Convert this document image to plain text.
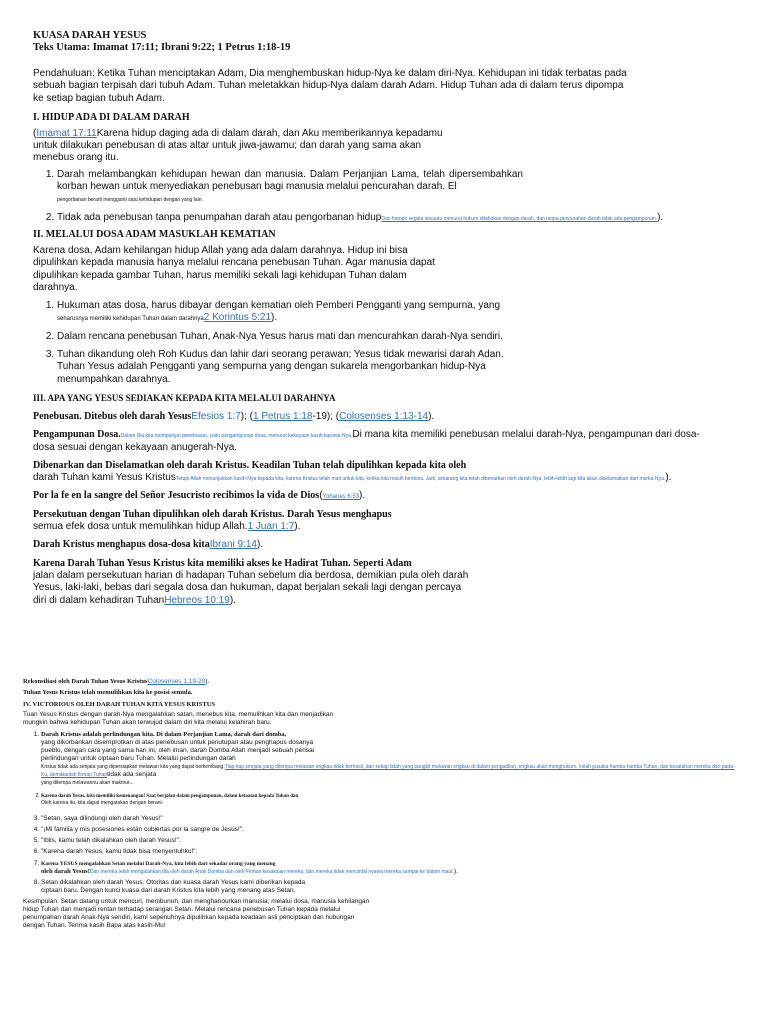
KUASA DARAH YESUS
Teks Utama: Imamat 17:11; Ibrani 9:22; 1 Petrus 1:18-19

Pendahuluan: Ketika Tuhan menciptakan Adam, Dia menghembuskan hidup-Nya ke dalam diri-Nya. Kehidupan ini tidak terbatas pada sebuah bagian terpisah dari tubuh Adam. Tuhan meletakkan hidup-Nya dalam darah Adam. Hidup Tuhan ada di dalam terus dipompa ke setiap bagian tubuh Adam.

I. HIDUP ADA DI DALAM DARAH

(Imamat 17:11Karena hidup daging ada di dalam darah, dan Aku memberikannya kepadamu untuk dilakukan penebusan di atas altar untuk jiwa-jawamu; dan darah yang sama akan menebus orang itu.

1. Darah melambangkan kehidupan hewan dan manusia. Dalam Perjanjian Lama, telah dipersembahkan korban hewan untuk menyediakan penebusan bagi manusia melalui pencurahan darah. El
pengorbanan berarti mengganti satu kehidupan dengan yang lain.
2. Tidak ada penebusan tanpa penumpahan darah atau pengorbanan hidupDan hampir segala sesuatu menurut hukum ditahirkan dengan darah, dan tanpa pencurahan darah tidak ada pengampunan.).

II. MELALUI DOSA ADAM MASUKLAH KEMATIAN

Karena dosa, Adam kehilangan hidup Allah yang ada dalam darahnya. Hidup ini bisa dipulihkan kepada manusia hanya melalui rencana penebusan Tuhan. Agar manusia dapat dipulihkan kepada gambar Tuhan, harus memiliki sekali lagi kehidupan Tuhan dalam darahnya.

1. Hukuman atas dosa, harus dibayar dengan kematian oleh Pemberi Pengganti yang sempurna, yang
seharusnya memiliki kehidupan Tuhan dalam darahnya2 Korintus 5:21).
2. Dalam rencana penebusan Tuhan, Anak-Nya Yesus harus mati dan mencurahkan darah-Nya sendiri.
3. Tuhan dikandung oleh Roh Kudus dan lahir dari seorang perawan; Yesus tidak mewarisi darah Adan. Tuhan Yesus adalah Pengganti yang sempurna yang dengan sukarela mengorbankan hidup-Nya menumpahkan darahnya.

III. APA YANG YESUS SEDIAKAN KEPADA KITA MELALUI DARAHNYA

Penebusan. Ditebus oleh darah YesusEfesios 1:7); (1 Petrus 1:18-19); (Colosenses 1:13-14).

Pengampunan Dosa.Dalam Dia kita mempunyai penebusan, yaitu pengampunan dosa, menurut kekayaan kasih karunia-Nya.Di mana kita memiliki penebusan melalui darah-Nya, pengampunan dari dosa-dosa sesuai dengan kekayaan anugerah-Nya.

Dibenarkan dan Diselamatkan oleh darah Kristus. Keadilan Tuhan telah dipulihkan kepada kita oleh
darah Tuhan kami Yesus KristusTetapi Allah menunjukkan kasih-Nya kepada kita, karena Kristus telah mati untuk kita, ketika kita masih berdosa. Jadi, sekarang kita telah dibenarkan oleh darah-Nya, lebih-lebih lagi kita akan diselamatkan dari murka-Nya.).

Por la fe en la sangre del Señor Jesucristo recibimos la vida de Dios(Yohanes 6:53).

Persekutuan dengan Tuhan dipulihkan oleh darah Kristus. Darah Yesus menghapus
semua efek dosa untuk memulihkan hidup Allah.1 Juan 1:7).

Darah Kristus menghapus dosa-dosa kitaIbrani 9:14).

Karena Darah Tuhan Yesus Kristus kita memiliki akses ke Hadirat Tuhan. Seperti Adam
jalan dalam persekutuan harian di hadapan Tuhan sebelum dia berdosa, demikian pula oleh darah Yesus, laki-laki, bebas dari segala dosa dan hukuman, dapat berjalan sekali lagi dengan percaya diri di dalam kehadiran TuhanHebreos 10:19).

Rekonsiliasi oleh Darah Tuhan Yesus KristusColosenses 1:19-20).

Tuhan Yesus Kristus telah memulihkan kita ke posisi semula.

IV. VICTORIOUS OLEH DARAH TUHAN KITA YESUS KRISTUS

Tuan Yesus Kristus dengan darah-Nya mengalahkan satan, menebus kita, memulihkan kita dan menjadikan mungkin bahwa kehidupan Tuhan akan terwujud dalam diri kita melalui kelahiran baru.

1. Darah Kristus adalah perlindungan kita. Di dalam Perjanjian Lama, darah dari domba,
yang dikorbankan disemprotkan di atas penebusan untuk penutupan atau penghapus dosanya pueblo, dengan cara yang sama hari ini, oleh iman, darah Domba Allah menjadi sebuah perisai perlindungan untuk ciptaan baru Tuhan. Melalui perlindungan darah
Kristus tidak ada senjata yang dipersiapkan melawan kita yang dapat berkembang.Tiap-tiap senjata yang ditempa melawan engkau tidak berhasil, dan setiap lidah yang bangkit melawan engkau di dalam pengadilan, engkau akan menghukum. Inilah pusaka hamba-hamba Tuhan, dan kesalahan mereka dari pada-Ku, demikianlah firman Tuhantidak ada senjata
yang ditempa melawannu akan makmur...
2. Karena darah Yesus, kita memiliki kemenangan! Saat berjalan dalam pengampunan, dalam ketaatan kepada Tuhan dan
Oleh karena itu, kita dapat mengatakan dengan berani:
3. "Setan, saya dilindungi oleh darah Yesus!"
4. "¡Mi familia y mis posesiones están cubiertas por la sangre de Jesús!".
5. "Iblis, kamu telah dikalahkan oleh darah Yesus!".
6. "Karena darah Yesus, kamu tidak bisa menyentuhku!".
7. Karena YESUS mengalahkan Setan melalui Darah-Nya, kita lebih dari sekadar orang yang menang
oleh darah Yesus!Dan mereka telah mengalahkan dia oleh darah Anak Domba dan oleh Firman kesaksian mereka; dan mereka tidak mencintai nyawa mereka sampai ke dalam maut.).
8. Setan dikalahkan oleh darah Yesus. Otoritas dan kuasa darah Yesus kami diberikan kepada ciptaan baru. Dengan kunci kuasa dari darah Kristus kita lebih yang menang atas Setan.

Kesimpulan: Setan datang untuk mencuri, membunuh, dan menghanourkan manusia; melalui dosa, manusia kehilangan hidup Tuhan dan menjadi rentan terhadap serangan Setan. Melalui rencana penebusan Tuhan kepada melalui penumpahan darah Anak-Nya sendiri, kami sepenuhnya dipulihkan kepada keadaan asli penciptaan dan hubungan dengan Tuhan. Terima kasih Bapa atas kasih-Mu!
